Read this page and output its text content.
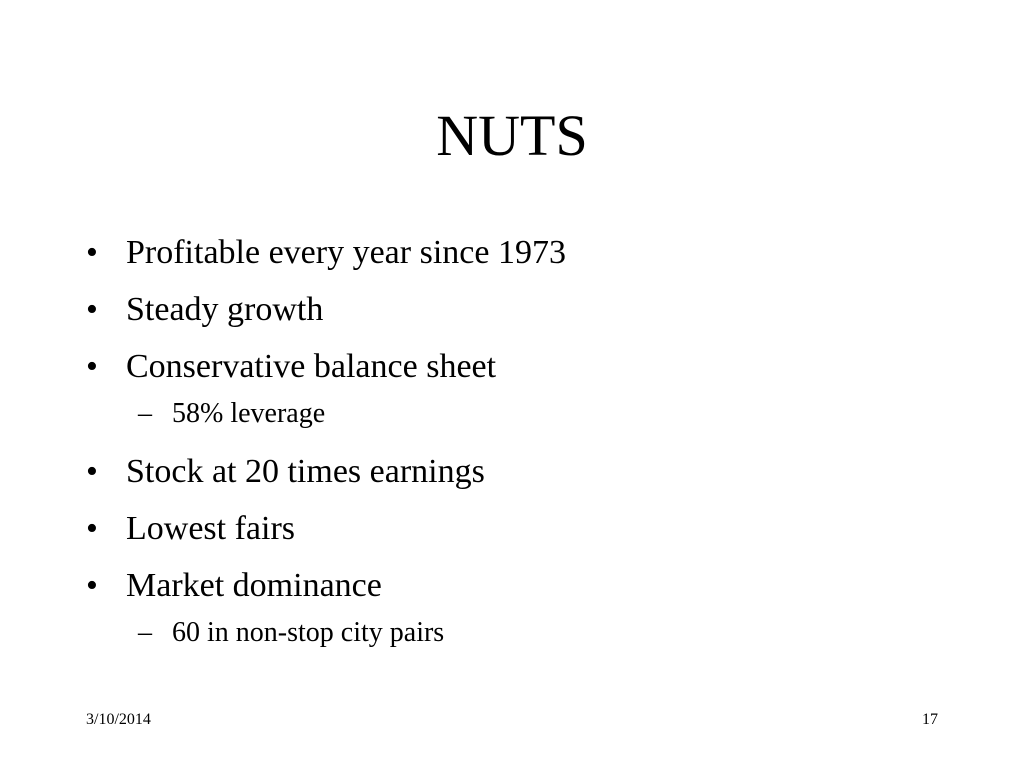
NUTS
• Profitable every year since 1973
• Steady growth
• Conservative balance sheet
– 58% leverage
• Stock at 20 times earnings
• Lowest fairs
• Market dominance
– 60 in non-stop city pairs
3/10/2014	17
